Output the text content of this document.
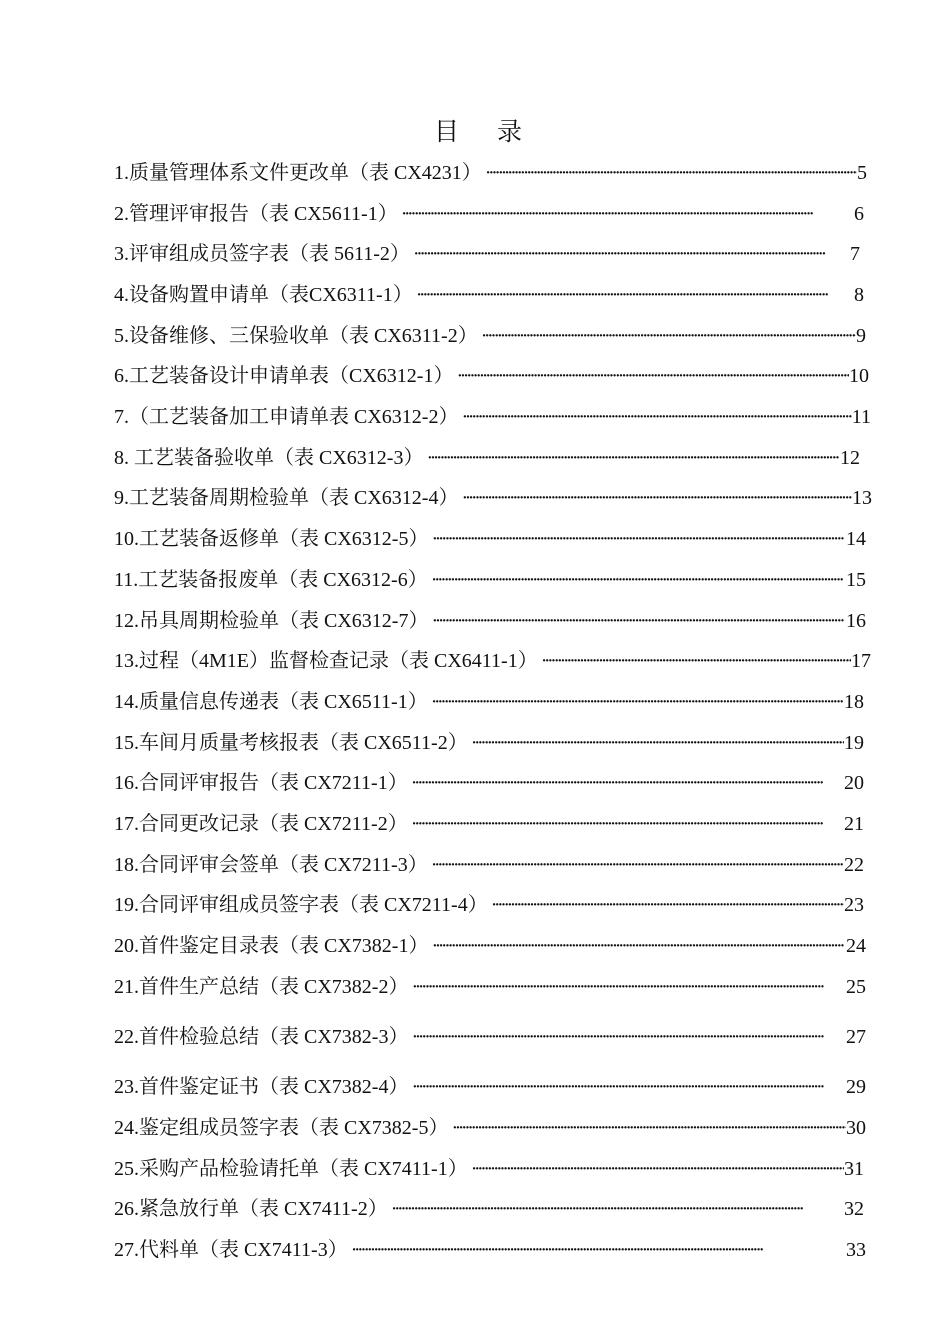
目录
1.质量管理体系文件更改单（表 CX4231） ·····	5
2.管理评审报告（表 CX5611-1） ·····	6
3.评审组成员签字表（表 5611-2） ·····	7
4.设备购置申请单（表CX6311-1） ·····	8
5.设备维修、三保验收单（表 CX6311-2） ·····	9
6.工艺装备设计申请单表（CX6312-1） ·····	10
7.（工艺装备加工申请单表 CX6312-2） ·····	11
8. 工艺装备验收单（表 CX6312-3） ·····	12
9.工艺装备周期检验单（表 CX6312-4） ·····	13
10.工艺装备返修单（表 CX6312-5） ·····	14
11.工艺装备报废单（表 CX6312-6） ·····	15
12.吊具周期检验单（表 CX6312-7） ·····	16
13.过程（4M1E）监督检查记录（表 CX6411-1） ·····	17
14.质量信息传递表（表 CX6511-1） ·····	18
15.车间月质量考核报表（表 CX6511-2） ·····	19
16.合同评审报告（表 CX7211-1） ·····	20
17.合同更改记录（表 CX7211-2） ·····	21
18.合同评审会签单（表 CX7211-3） ·····	22
19.合同评审组成员签字表（表 CX7211-4） ·····	23
20.首件鉴定目录表（表 CX7382-1） ·····	24
21.首件生产总结（表 CX7382-2） ·····	25
22.首件检验总结（表 CX7382-3） ·····	27
23.首件鉴定证书（表 CX7382-4） ·····	29
24.鉴定组成员签字表（表 CX7382-5） ·····	30
25.采购产品检验请托单（表 CX7411-1） ·····	31
26.紧急放行单（表 CX7411-2） ·····	32
27.代料单（表 CX7411-3） ·····	33
